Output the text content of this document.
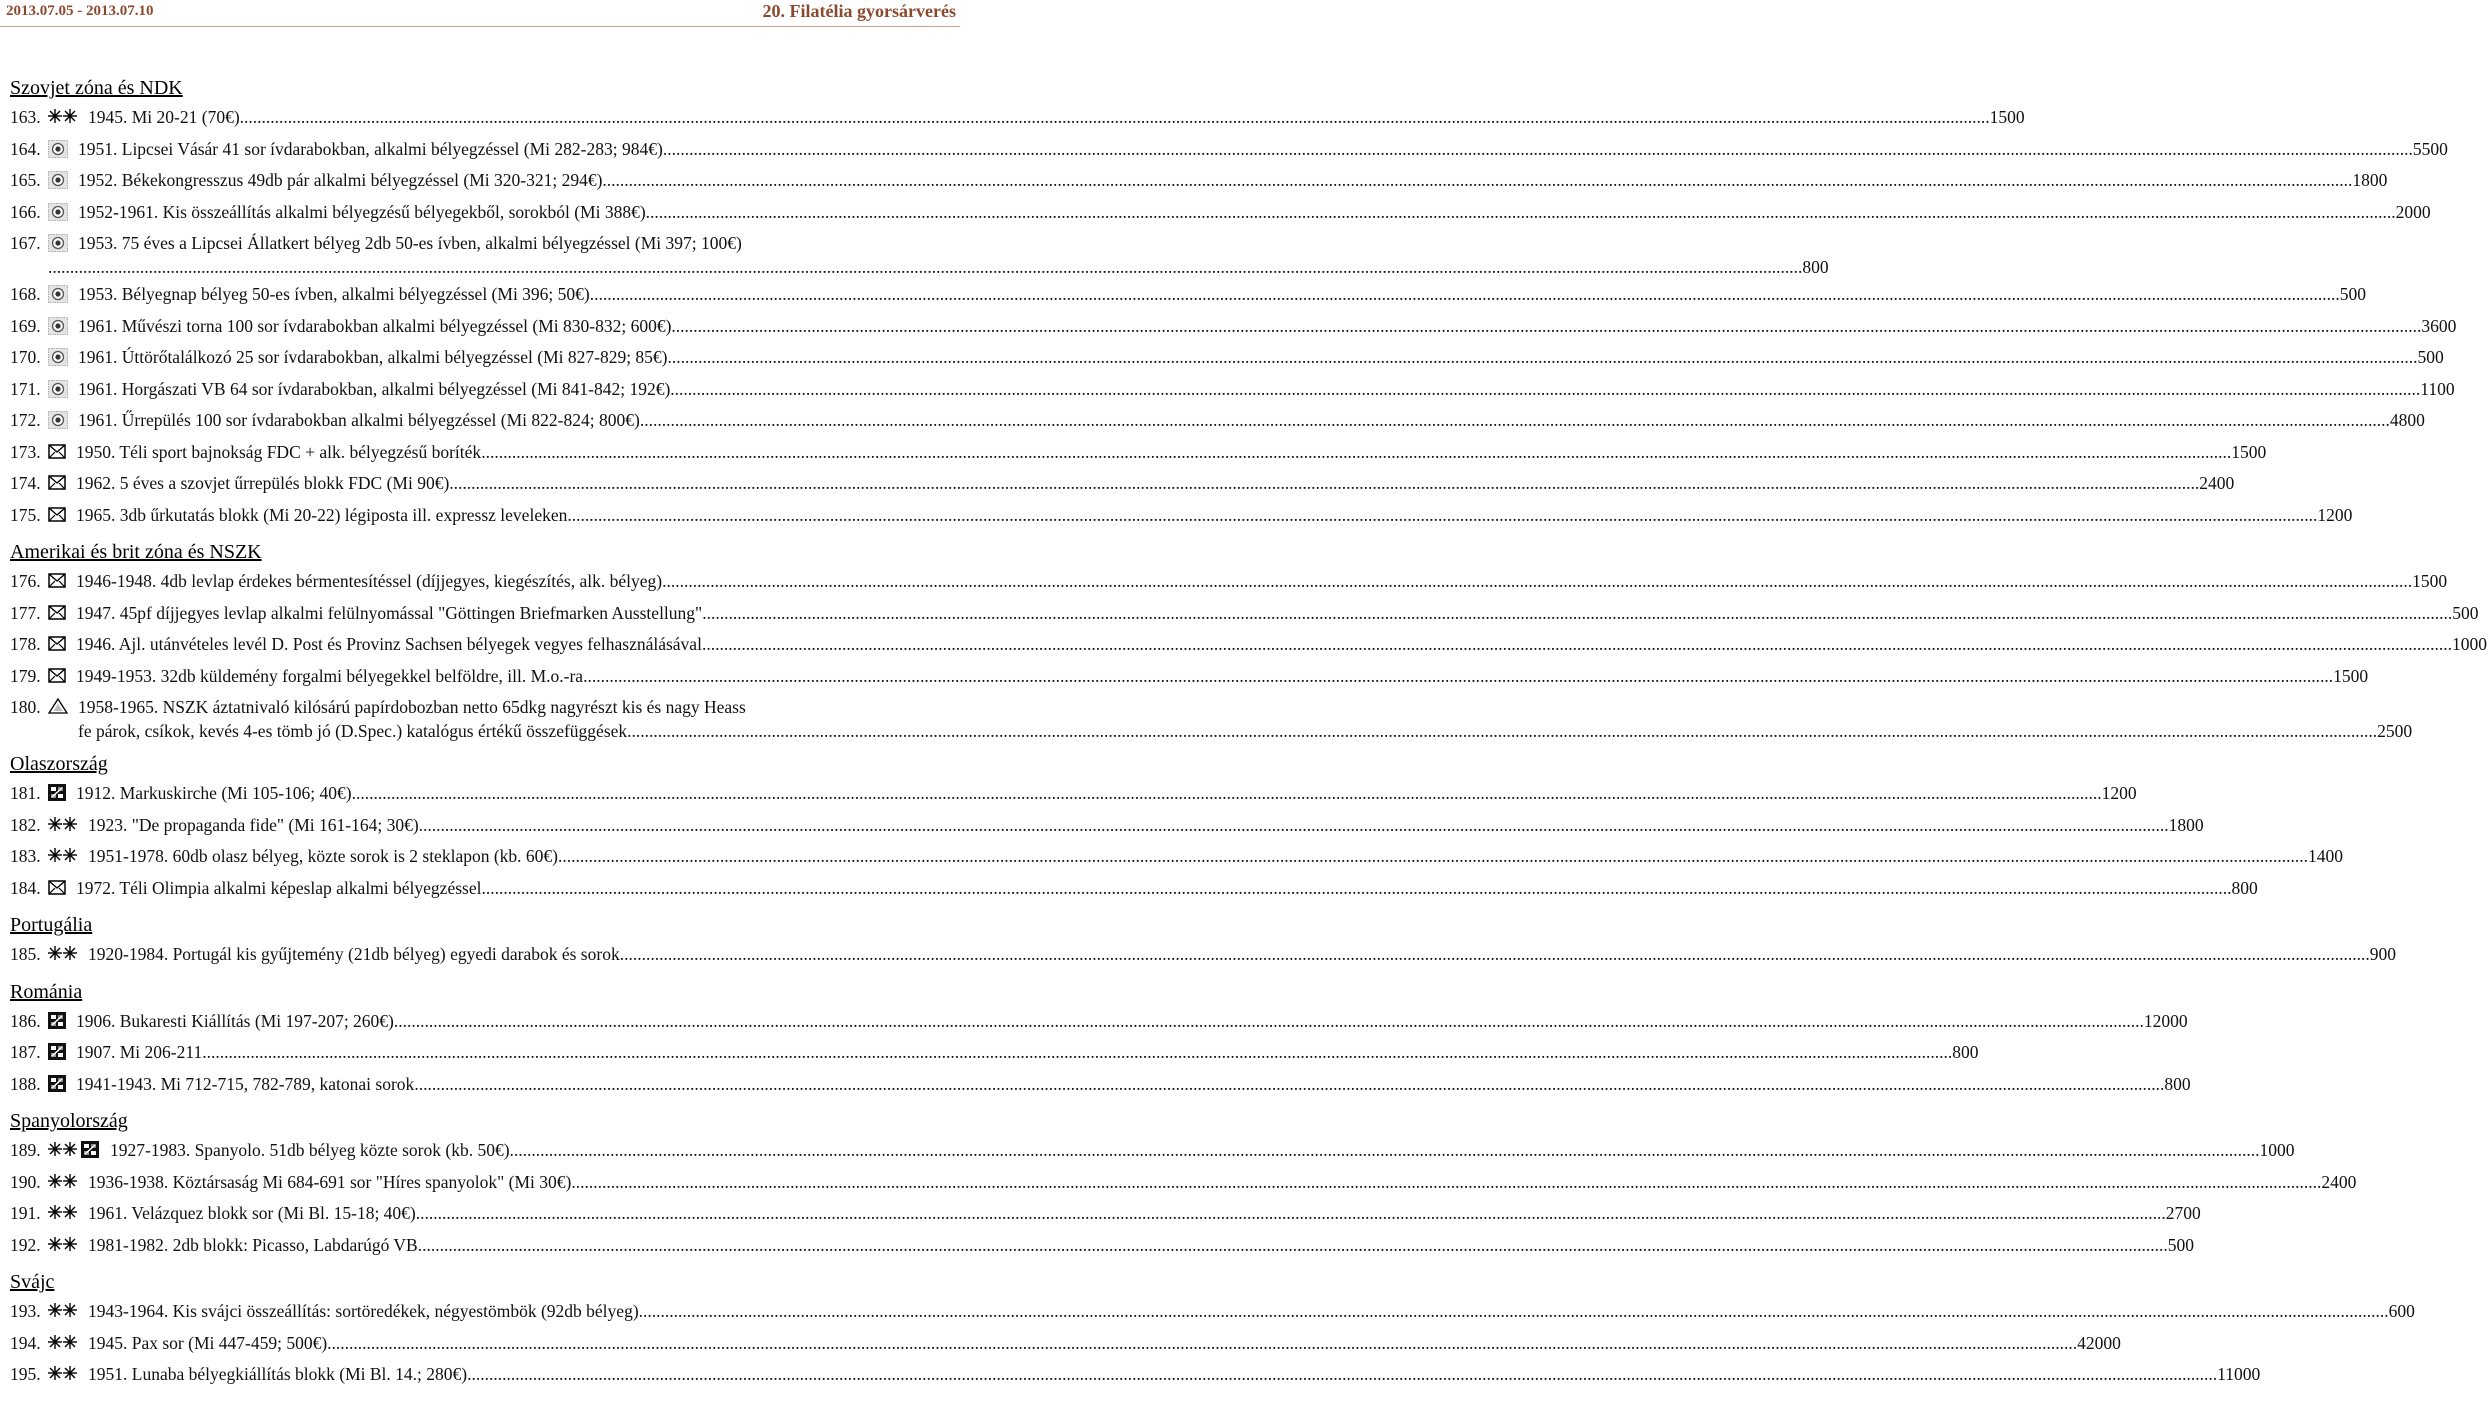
2013.07.05 - 2013.07.10	20. Filatélia gyorsárverés
Szovjet zóna és NDK
163.	1945. Mi 20-21 (70€) ................................................................................................................................................................................................................................................................................................................................................................................................................ 1500
164. 1951. Lipcsei Vásár 41 sor ívdarabokban, alkalmi bélyegzéssel (Mi 282-283; 984€) ................................................................................................................................................................................................................................................................................................................................................................................................................ 5500
165. 1952. Békekongresszus 49db pár alkalmi bélyegzéssel (Mi 320-321; 294€) ................................................................................................................................................................................................................................................................................................................................................................................................................ 1800
166. 1952-1961. Kis összeállítás alkalmi bélyegzésű bélyegekből, sorokból (Mi 388€) ................................................................................................................................................................................................................................................................................................................................................................................................................ 2000
167. 1953. 75 éves a Lipcsei Állatkert bélyeg 2db 50-es ívben, alkalmi bélyegzéssel (Mi 397; 100€)
. ................................................................................................................................................................................................................................................................................................................................................................................................................ 800
168. 1953. Bélyegnap bélyeg 50-es ívben, alkalmi bélyegzéssel (Mi 396; 50€) ................................................................................................................................................................................................................................................................................................................................................................................................................ 500
169. 1961. Művészi torna 100 sor ívdarabokban alkalmi bélyegzéssel (Mi 830-832; 600€) ................................................................................................................................................................................................................................................................................................................................................................................................................ 3600
170. 1961. Úttörőtalálkozó 25 sor ívdarabokban, alkalmi bélyegzéssel (Mi 827-829; 85€) ................................................................................................................................................................................................................................................................................................................................................................................................................ 500
171. 1961. Horgászati VB 64 sor ívdarabokban, alkalmi bélyegzéssel (Mi 841-842; 192€) ................................................................................................................................................................................................................................................................................................................................................................................................................ 1100
172. 1961. Űrrepülés 100 sor ívdarabokban alkalmi bélyegzéssel (Mi 822-824; 800€) ................................................................................................................................................................................................................................................................................................................................................................................................................ 4800
173. 1950. Téli sport bajnokság FDC + alk. bélyegzésű boríték ................................................................................................................................................................................................................................................................................................................................................................................................................ 1500
174. 1962. 5 éves a szovjet űrrepülés blokk FDC (Mi 90€) ................................................................................................................................................................................................................................................................................................................................................................................................................ 2400
175. 1965. 3db űrkutatás blokk (Mi 20-22) légiposta ill. expressz leveleken ................................................................................................................................................................................................................................................................................................................................................................................................................ 1200
Amerikai és brit zóna és NSZK
176. 1946-1948. 4db levlap érdekes bérmentesítéssel (díjjegyes, kiegészítés, alk. bélyeg) ................................................................................................................................................................................................................................................................................................................................................................................................................ 1500
177. 1947. 45pf díjjegyes levlap alkalmi felülnyomással "Göttingen Briefmarken Ausstellung" ................................................................................................................................................................................................................................................................................................................................................................................................................ 500
178. 1946. Ajl. utánvételes levél D. Post és Provinz Sachsen bélyegek vegyes felhasználásával ................................................................................................................................................................................................................................................................................................................................................................................................................ 1000
179. 1949-1953. 32db küldemény forgalmi bélyegekkel belföldre, ill. M.o.-ra ................................................................................................................................................................................................................................................................................................................................................................................................................ 1500
180. 1958-1965. NSZK áztatnivaló kilósárú papírdobozban netto 65dkg nagyrészt kis és nagy Heass
fe párok, csíkok, kevés 4-es tömb jó (D.Spec.) katalógus értékű összefüggések ................................................................................................................................................................................................................................................................................................................................................................................................................ 2500
Olaszország
181. 1912. Markuskirche (Mi 105-106; 40€) ................................................................................................................................................................................................................................................................................................................................................................................................................ 1200
182.	1923. "De propaganda fide" (Mi 161-164; 30€) ................................................................................................................................................................................................................................................................................................................................................................................................................ 1800
183.	1951-1978. 60db olasz bélyeg, közte sorok is 2 steklapon (kb. 60€) ................................................................................................................................................................................................................................................................................................................................................................................................................ 1400
184. 1972. Téli Olimpia alkalmi képeslap alkalmi bélyegzéssel ................................................................................................................................................................................................................................................................................................................................................................................................................ 800
Portugália
185.	1920-1984. Portugál kis gyűjtemény (21db bélyeg) egyedi darabok és sorok ................................................................................................................................................................................................................................................................................................................................................................................................................ 900
Románia
186. 1906. Bukaresti Kiállítás (Mi 197-207; 260€) ................................................................................................................................................................................................................................................................................................................................................................................................................ 12000
187. 1907. Mi 206-211 ................................................................................................................................................................................................................................................................................................................................................................................................................ 800
188. 1941-1943. Mi 712-715, 782-789, katonai sorok ................................................................................................................................................................................................................................................................................................................................................................................................................ 800
Spanyolország
189.	1927-1983. Spanyolo. 51db bélyeg közte sorok (kb. 50€) ................................................................................................................................................................................................................................................................................................................................................................................................................ 1000
190.	1936-1938. Köztársaság Mi 684-691 sor "Híres spanyolok" (Mi 30€) ................................................................................................................................................................................................................................................................................................................................................................................................................ 2400
191.	1961. Velázquez blokk sor (Mi Bl. 15-18; 40€) ................................................................................................................................................................................................................................................................................................................................................................................................................ 2700
192.	1981-1982. 2db blokk: Picasso, Labdarúgó VB ................................................................................................................................................................................................................................................................................................................................................................................................................ 500
Svájc
193.	1943-1964. Kis svájci összeállítás: sortöredékek, négyestömbök (92db bélyeg) ................................................................................................................................................................................................................................................................................................................................................................................................................ 600
194.	1945. Pax sor (Mi 447-459; 500€) ................................................................................................................................................................................................................................................................................................................................................................................................................ 42000
195.	1951. Lunaba bélyegkiállítás blokk (Mi Bl. 14.; 280€) ................................................................................................................................................................................................................................................................................................................................................................................................................ 11000
